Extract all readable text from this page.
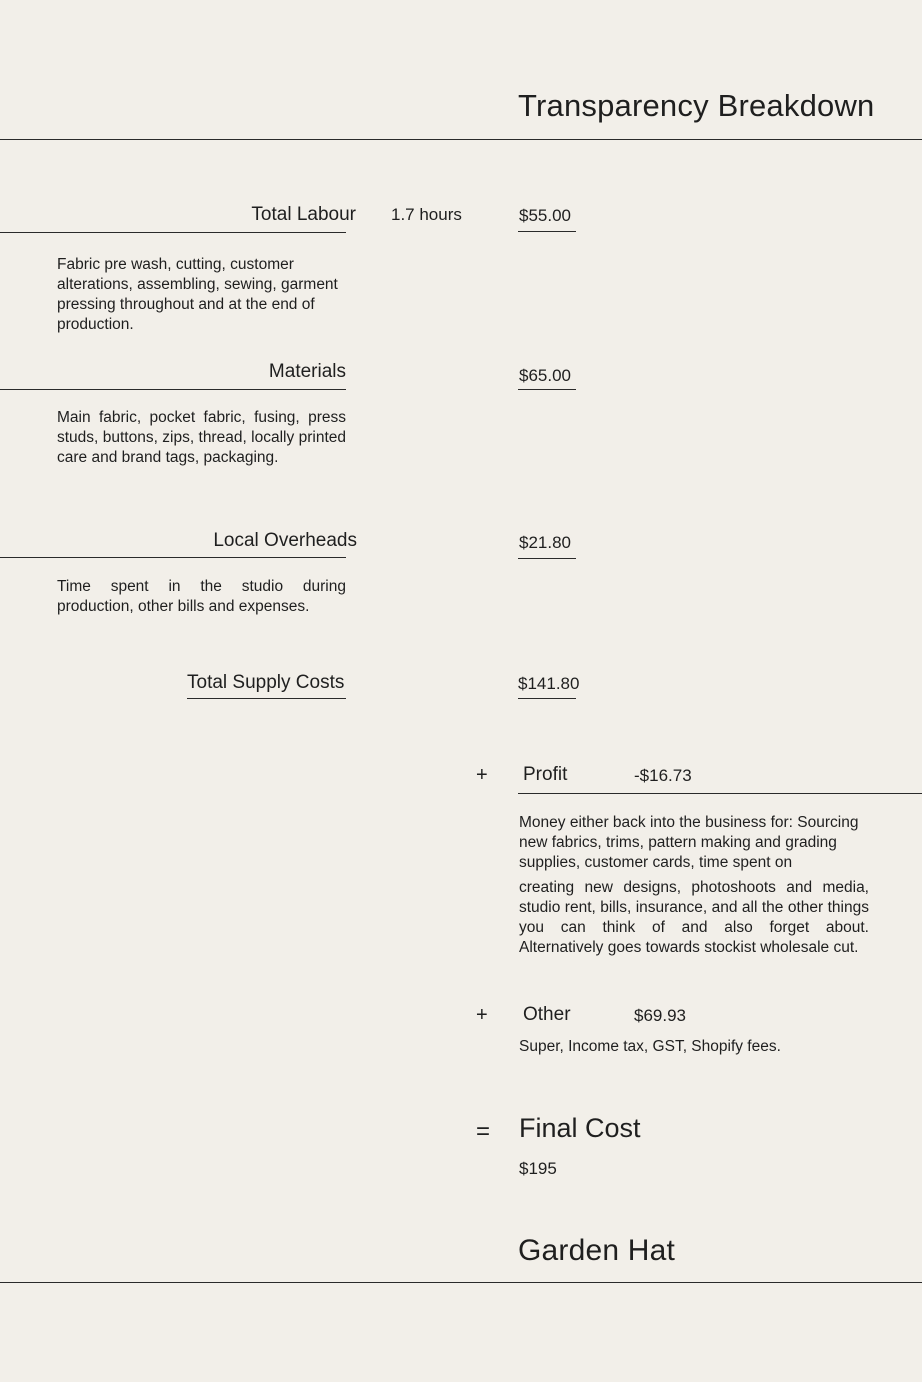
Transparency Breakdown
Total Labour 1.7 hours	$55.00
Fabric pre wash, cutting, customer alterations, assembling, sewing, garment pressing throughout and at the end of production.
Materials	$65.00
Main fabric, pocket fabric, fusing, press studs, buttons, zips, thread, locally printed care and brand tags, packaging.
Local Overheads	$21.80
Time spent in the studio during production, other bills and expenses.
Total Supply Costs	$141.80
+ Profit	-$16.73
Money either back into the business for: Sourcing new fabrics, trims, pattern making and grading supplies, customer cards, time spent on
creating new designs, photoshoots and media, studio rent, bills, insurance, and all the other things you can think of and also forget about. Alternatively goes towards stockist wholesale cut.
+ Other	$69.93
Super, Income tax, GST, Shopify fees.
= Final Cost
$195
Garden Hat
